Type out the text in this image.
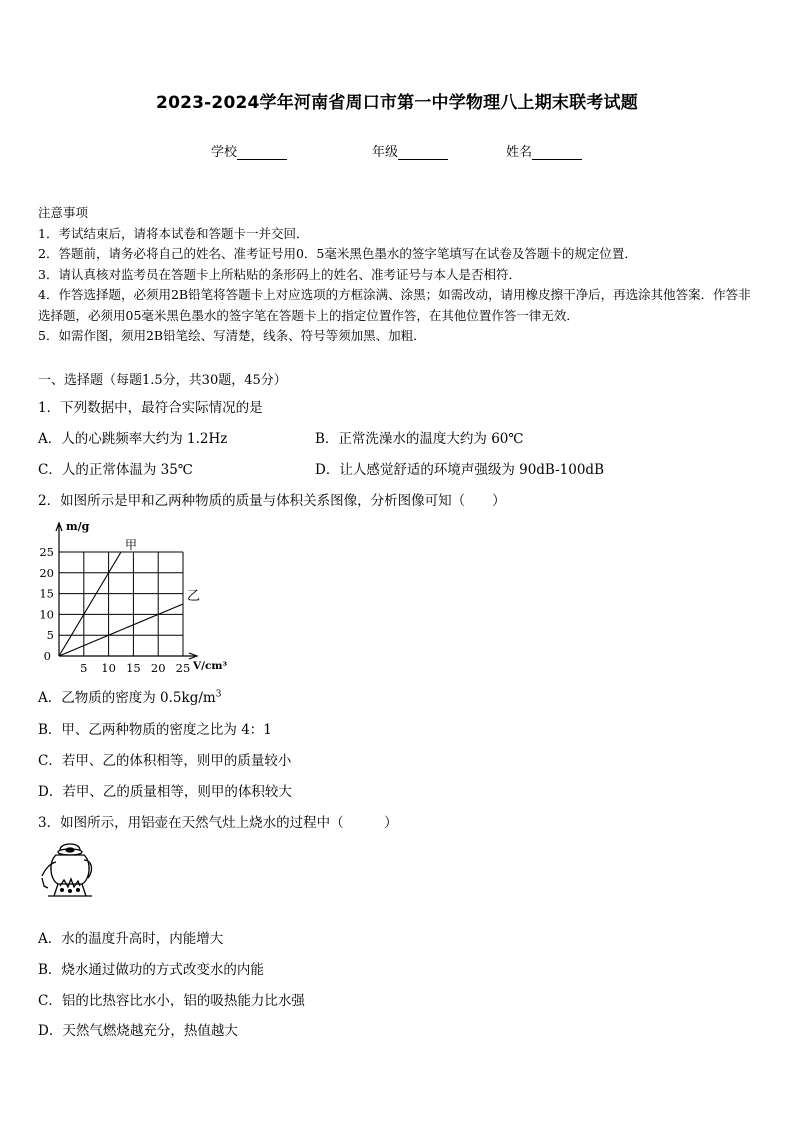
2023-2024学年河南省周口市第一中学物理八上期末联考试题
学校	年级	姓名
注意事项
1．考试结束后，请将本试卷和答题卡一并交回．
2．答题前，请务必将自己的姓名、准考证号用0．5毫米黑色墨水的签字笔填写在试卷及答题卡的规定位置．
3．请认真核对监考员在答题卡上所粘贴的条形码上的姓名、准考证号与本人是否相符．
4．作答选择题，必须用2B铅笔将答题卡上对应选项的方框涂满、涂黑；如需改动，请用橡皮擦干净后，再选涂其他答案．作答非选择题，必须用05毫米黑色墨水的签字笔在答题卡上的指定位置作答，在其他位置作答一律无效．
5．如需作图，须用2B铅笔绘、写清楚，线条、符号等须加黑、加粗．
一、选择题（每题1.5分，共30题，45分）
1．下列数据中，最符合实际情况的是
A．人的心跳频率大约为 1.2Hz	B．正常洗澡水的温度大约为 60℃
C．人的正常体温为 35℃	D．让人感觉舒适的环境声强级为 90dB-100dB
2．如图所示是甲和乙两种物质的质量与体积关系图像，分析图像可知（　　）
5
10
15
20
25
5 10 15 20 25
0
m/g
V/cm³
甲
乙
A．乙物质的密度为 $0.5kg/m^3$
B．甲、乙两种物质的密度之比为 4：1
C．若甲、乙的体积相等，则甲的质量较小
D．若甲、乙的质量相等，则甲的体积较大
3．如图所示，用铝壶在天然气灶上烧水的过程中（　　　）
A．水的温度升高时，内能增大
B．烧水通过做功的方式改变水的内能
C．铝的比热容比水小，铝的吸热能力比水强
D．天然气燃烧越充分，热值越大
